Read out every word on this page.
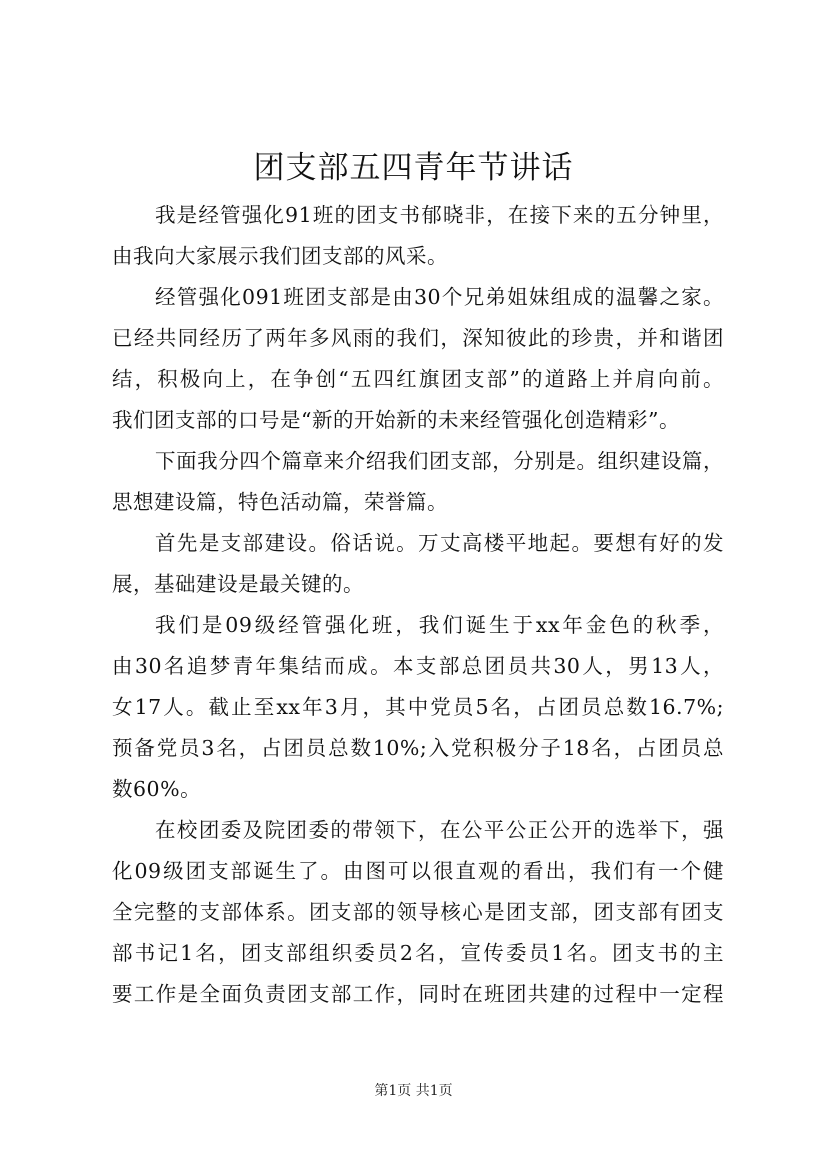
团支部五四青年节讲话
我是经管强化91班的团支书郁晓非，在接下来的五分钟里，
由我向大家展示我们团支部的风采。
经管强化091班团支部是由30个兄弟姐妹组成的温馨之家。
已经共同经历了两年多风雨的我们，深知彼此的珍贵，并和谐团
结，积极向上，在争创“五四红旗团支部”的道路上并肩向前。
我们团支部的口号是“新的开始新的未来经管强化创造精彩”。
下面我分四个篇章来介绍我们团支部，分别是。组织建设篇，
思想建设篇，特色活动篇，荣誉篇。
首先是支部建设。俗话说。万丈高楼平地起。要想有好的发
展，基础建设是最关键的。
我们是09级经管强化班，我们诞生于xx年金色的秋季，
由30名追梦青年集结而成。本支部总团员共30人，男13人，
女17人。截止至xx年3月，其中党员5名，占团员总数16.7%;
预备党员3名，占团员总数10%;入党积极分子18名，占团员总
数60%。
在校团委及院团委的带领下，在公平公正公开的选举下，强
化09级团支部诞生了。由图可以很直观的看出，我们有一个健
全完整的支部体系。团支部的领导核心是团支部，团支部有团支
部书记1名，团支部组织委员2名，宣传委员1名。团支书的主
要工作是全面负责团支部工作，同时在班团共建的过程中一定程
第1页 共1页
